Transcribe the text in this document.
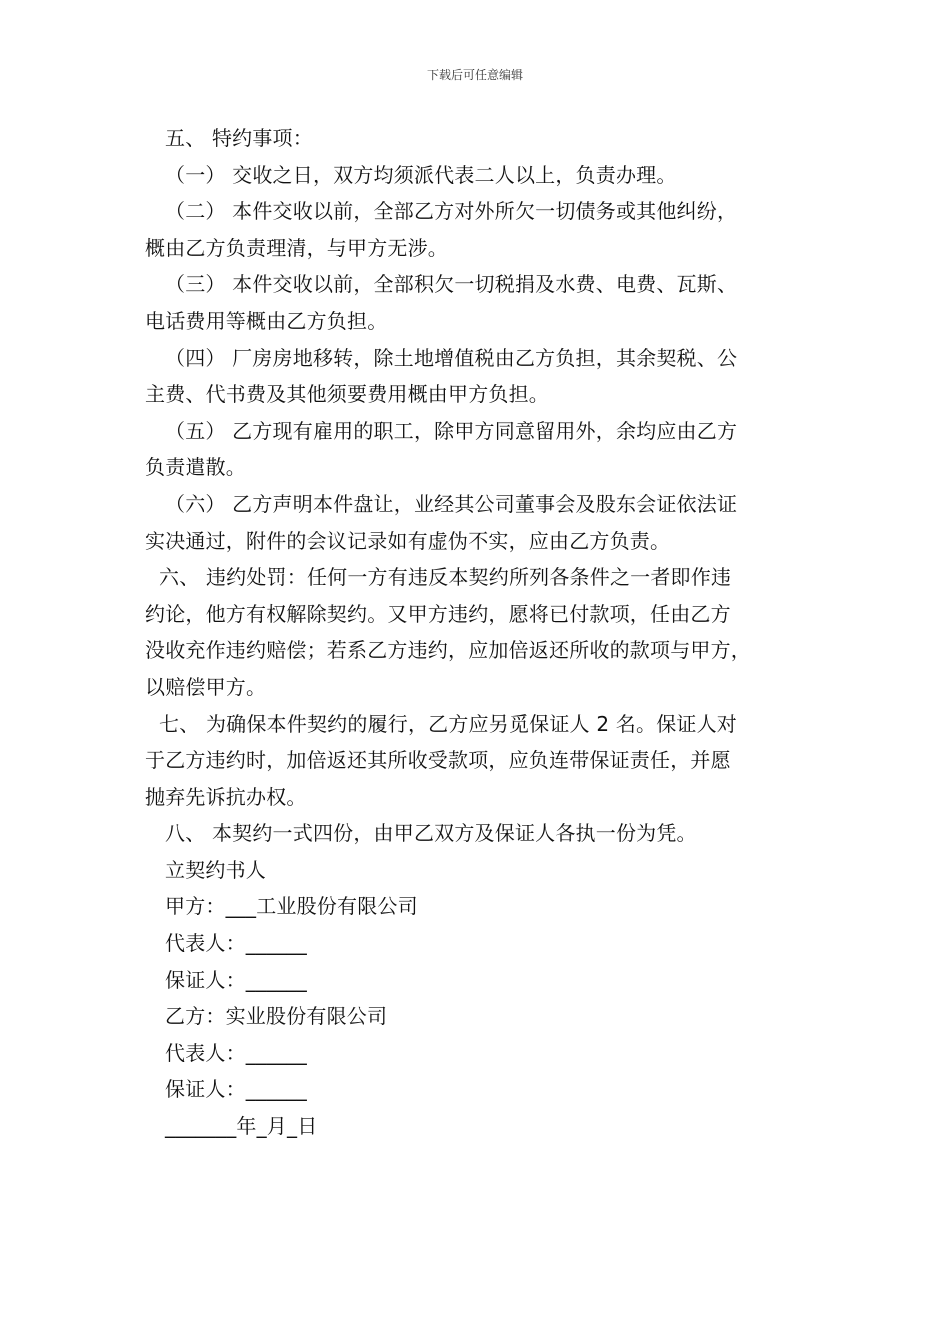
下载后可任意编辑
五、 特约事项：
（一） 交收之日，双方均须派代表二人以上，负责办理。
（二） 本件交收以前，全部乙方对外所欠一切债务或其他纠纷，
概由乙方负责理清，与甲方无涉。
（三） 本件交收以前，全部积欠一切税捐及水费、电费、瓦斯、
电话费用等概由乙方负担。
（四） 厂房房地移转，除土地增值税由乙方负担，其余契税、公
主费、代书费及其他须要费用概由甲方负担。
（五） 乙方现有雇用的职工，除甲方同意留用外，余均应由乙方
负责遣散。
（六） 乙方声明本件盘让，业经其公司董事会及股东会证依法证
实决通过，附件的会议记录如有虚伪不实，应由乙方负责。
六、 违约处罚：任何一方有违反本契约所列各条件之一者即作违
约论，他方有权解除契约。又甲方违约，愿将已付款项，任由乙方
没收充作违约赔偿；若系乙方违约，应加倍返还所收的款项与甲方，
以赔偿甲方。
七、 为确保本件契约的履行，乙方应另觅保证人 2 名。保证人对
于乙方违约时，加倍返还其所收受款项，应负连带保证责任，并愿
抛弃先诉抗办权。
八、 本契约一式四份，由甲乙双方及保证人各执一份为凭。
立契约书人
甲方：___工业股份有限公司
代表人：______
保证人：______
乙方：实业股份有限公司
代表人：______
保证人：______
_______年_月_日
